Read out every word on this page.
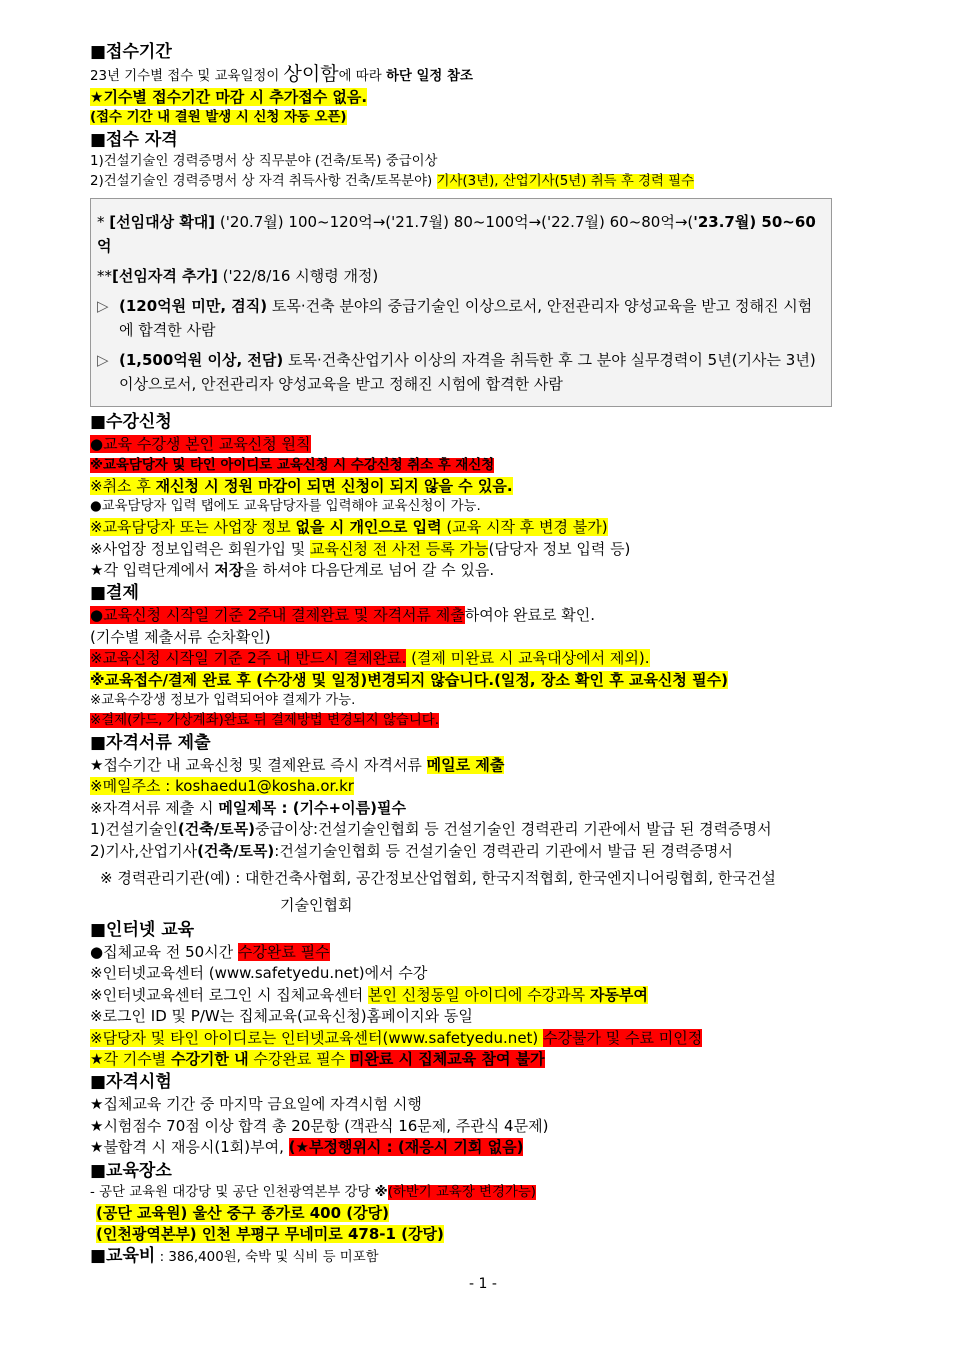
■접수기간
23년 기수별 접수 및 교육일정이 상이함에 따라 하단 일정 참조
★기수별 접수기간 마감 시 추가접수 없음.
(접수 기간 내 결원 발생 시 신청 자동 오픈)
■접수 자격
1)건설기술인 경력증명서 상 직무분야 (건축/토목) 중급이상
2)건설기술인 경력증명서 상 자격 취득사항 건축/토목분야) 기사(3년), 산업기사(5년) 취득 후 경력 필수
* [선임대상 확대] ('20.7월) 100~120억→('21.7월) 80~100억→('22.7월) 60~80억→('23.7월) 50~60억
**[선임자격 추가] ('22/8/16 시행령 개정)
▷ (120억원 미만, 겸직) 토목·건축 분야의 중급기술인 이상으로서, 안전관리자 양성교육을 받고 정해진 시험에 합격한 사람
▷ (1,500억원 이상, 전담) 토목·건축산업기사 이상의 자격을 취득한 후 그 분야 실무경력이 5년(기사는 3년) 이상으로서, 안전관리자 양성교육을 받고 정해진 시험에 합격한 사람
■수강신청
●교육 수강생 본인 교육신청 원칙
※교육담당자 및 타인 아이디로 교육신청 시 수강신청 취소 후 재신청
※취소 후 재신청 시 정원 마감이 되면 신청이 되지 않을 수 있음.
●교육담당자 입력 탭에도 교육담당자를 입력해야 교육신청이 가능.
※교육담당자 또는 사업장 정보 없을 시 개인으로 입력 (교육 시작 후 변경 불가)
※사업장 정보입력은 회원가입 및 교육신청 전 사전 등록 가능(담당자 정보 입력 등)
★각 입력단계에서 저장을 하셔야 다음단계로 넘어 갈 수 있음.
■결제
●교육신청 시작일 기준 2주내 결제완료 및 자격서류 제출하여야 완료로 확인.
(기수별 제출서류 순차확인)
※교육신청 시작일 기준 2주 내 반드시 결제완료. (결제 미완료 시 교육대상에서 제외).
※교육접수/결제 완료 후 (수강생 및 일정)변경되지 않습니다.(일정, 장소 확인 후 교육신청 필수)
※교육수강생 정보가 입력되어야 결제가 가능.
※결제(카드, 가상계좌)완료 뒤 결제방법 변경되지 않습니다.
■자격서류 제출
★접수기간 내 교육신청 및 결제완료 즉시 자격서류 메일로 제출
※메일주소 : koshaedu1@kosha.or.kr
※자격서류 제출 시 메일제목 : (기수+이름)필수
1)건설기술인(건축/토목)중급이상:건설기술인협회 등 건설기술인 경력관리 기관에서 발급 된 경력증명서
2)기사,산업기사(건축/토목):건설기술인협회 등 건설기술인 경력관리 기관에서 발급 된 경력증명서
※ 경력관리기관(예) : 대한건축사협회, 공간정보산업협회, 한국지적협회, 한국엔지니어링협회, 한국건설
기술인협회
■인터넷 교육
●집체교육 전 50시간 수강완료 필수
※인터넷교육센터 (www.safetyedu.net)에서 수강
※인터넷교육센터 로그인 시 집체교육센터 본인 신청동일 아이디에 수강과목 자동부여
※로그인 ID 및 P/W는 집체교육(교육신청)홈페이지와 동일
※담당자 및 타인 아이디로는 인터넷교육센터(www.safetyedu.net) 수강불가 및 수료 미인정
★각 기수별 수강기한 내 수강완료 필수 미완료 시 집체교육 참여 불가
■자격시험
★집체교육 기간 중 마지막 금요일에 자격시험 시행
★시험점수 70점 이상 합격 총 20문항 (객관식 16문제, 주관식 4문제)
★불합격 시 재응시(1회)부여, (★부정행위시 : (재응시 기회 없음)
■교육장소
- 공단 교육원 대강당 및 공단 인천광역본부 강당 ※(하반기 교육장 변경가능)
(공단 교육원) 울산 중구 종가로 400 (강당)
(인천광역본부) 인천 부평구 무네미로 478-1 (강당)
■교육비 : 386,400원, 숙박 및 식비 등 미포함
- 1 -
